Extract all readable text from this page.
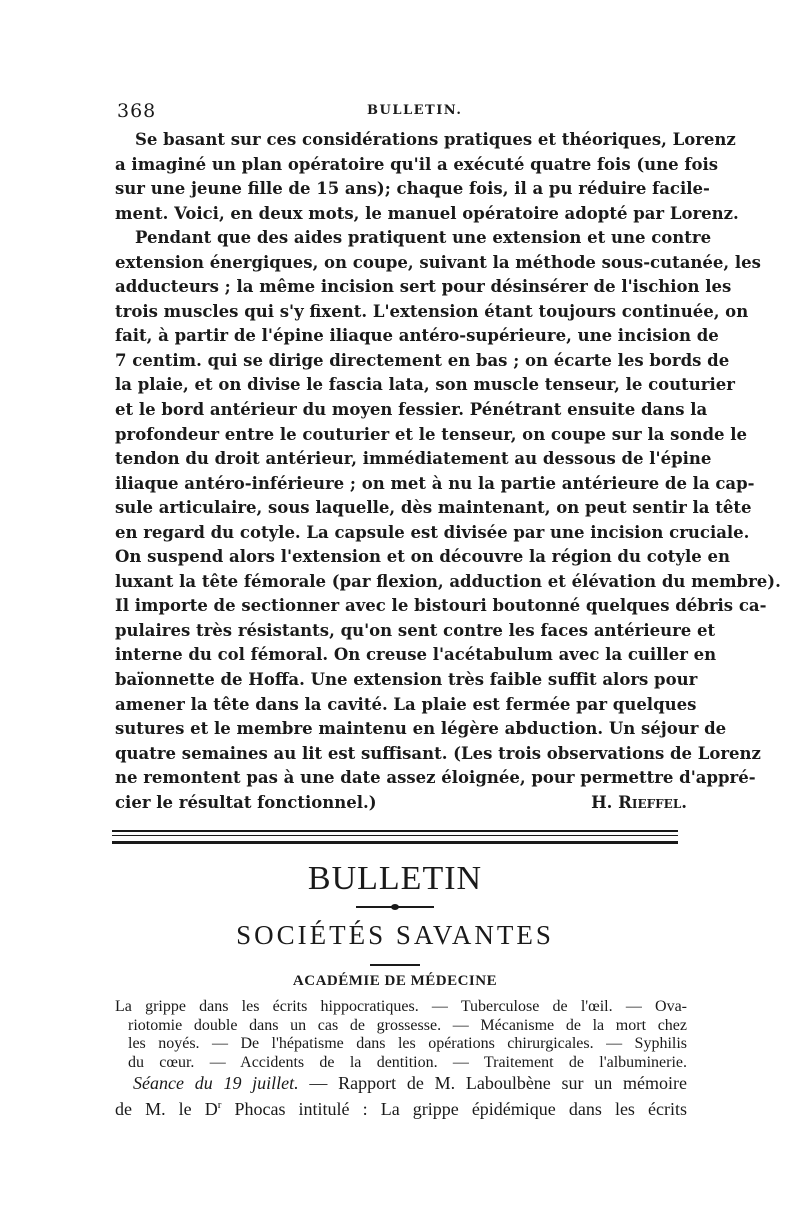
368	BULLETIN.
Se basant sur ces considérations pratiques et théoriques, Lorenz
a imaginé un plan opératoire qu'il a exécuté quatre fois (une fois
sur une jeune fille de 15 ans); chaque fois, il a pu réduire facile-
ment. Voici, en deux mots, le manuel opératoire adopté par Lorenz.
Pendant que des aides pratiquent une extension et une contre
extension énergiques, on coupe, suivant la méthode sous-cutanée, les
adducteurs ; la même incision sert pour désinsérer de l'ischion les
trois muscles qui s'y fixent. L'extension étant toujours continuée, on
fait, à partir de l'épine iliaque antéro-supérieure, une incision de
7 centim. qui se dirige directement en bas ; on écarte les bords de
la plaie, et on divise le fascia lata, son muscle tenseur, le couturier
et le bord antérieur du moyen fessier. Pénétrant ensuite dans la
profondeur entre le couturier et le tenseur, on coupe sur la sonde le
tendon du droit antérieur, immédiatement au dessous de l'épine
iliaque antéro-inférieure ; on met à nu la partie antérieure de la cap-
sule articulaire, sous laquelle, dès maintenant, on peut sentir la tête
en regard du cotyle. La capsule est divisée par une incision cruciale.
On suspend alors l'extension et on découvre la région du cotyle en
luxant la tête fémorale (par flexion, adduction et élévation du membre).
Il importe de sectionner avec le bistouri boutonné quelques débris ca-
pulaires très résistants, qu'on sent contre les faces antérieure et
interne du col fémoral. On creuse l'acétabulum avec la cuiller en
baïonnette de Hoffa. Une extension très faible suffit alors pour
amener la tête dans la cavité. La plaie est fermée par quelques
sutures et le membre maintenu en légère abduction. Un séjour de
quatre semaines au lit est suffisant. (Les trois observations de Lorenz
ne remontent pas à une date assez éloignée, pour permettre d'appré-
cier le résultat fonctionnel.)	H. Rieffel.
BULLETIN
SOCIÉTÉS SAVANTES
ACADÉMIE DE MÉDECINE
La grippe dans les écrits hippocratiques. — Tuberculose de l'œil. — Ova-
riotomie double dans un cas de grossesse. — Mécanisme de la mort chez
les noyés. — De l'hépatisme dans les opérations chirurgicales. — Syphilis
du cœur. — Accidents de la dentition. — Traitement de l'albuminerie.
Séance du 19 juillet. — Rapport de M. Laboulbène sur un mémoire
de M. le $D^r$ Phocas intitulé : La grippe épidémique dans les écrits
